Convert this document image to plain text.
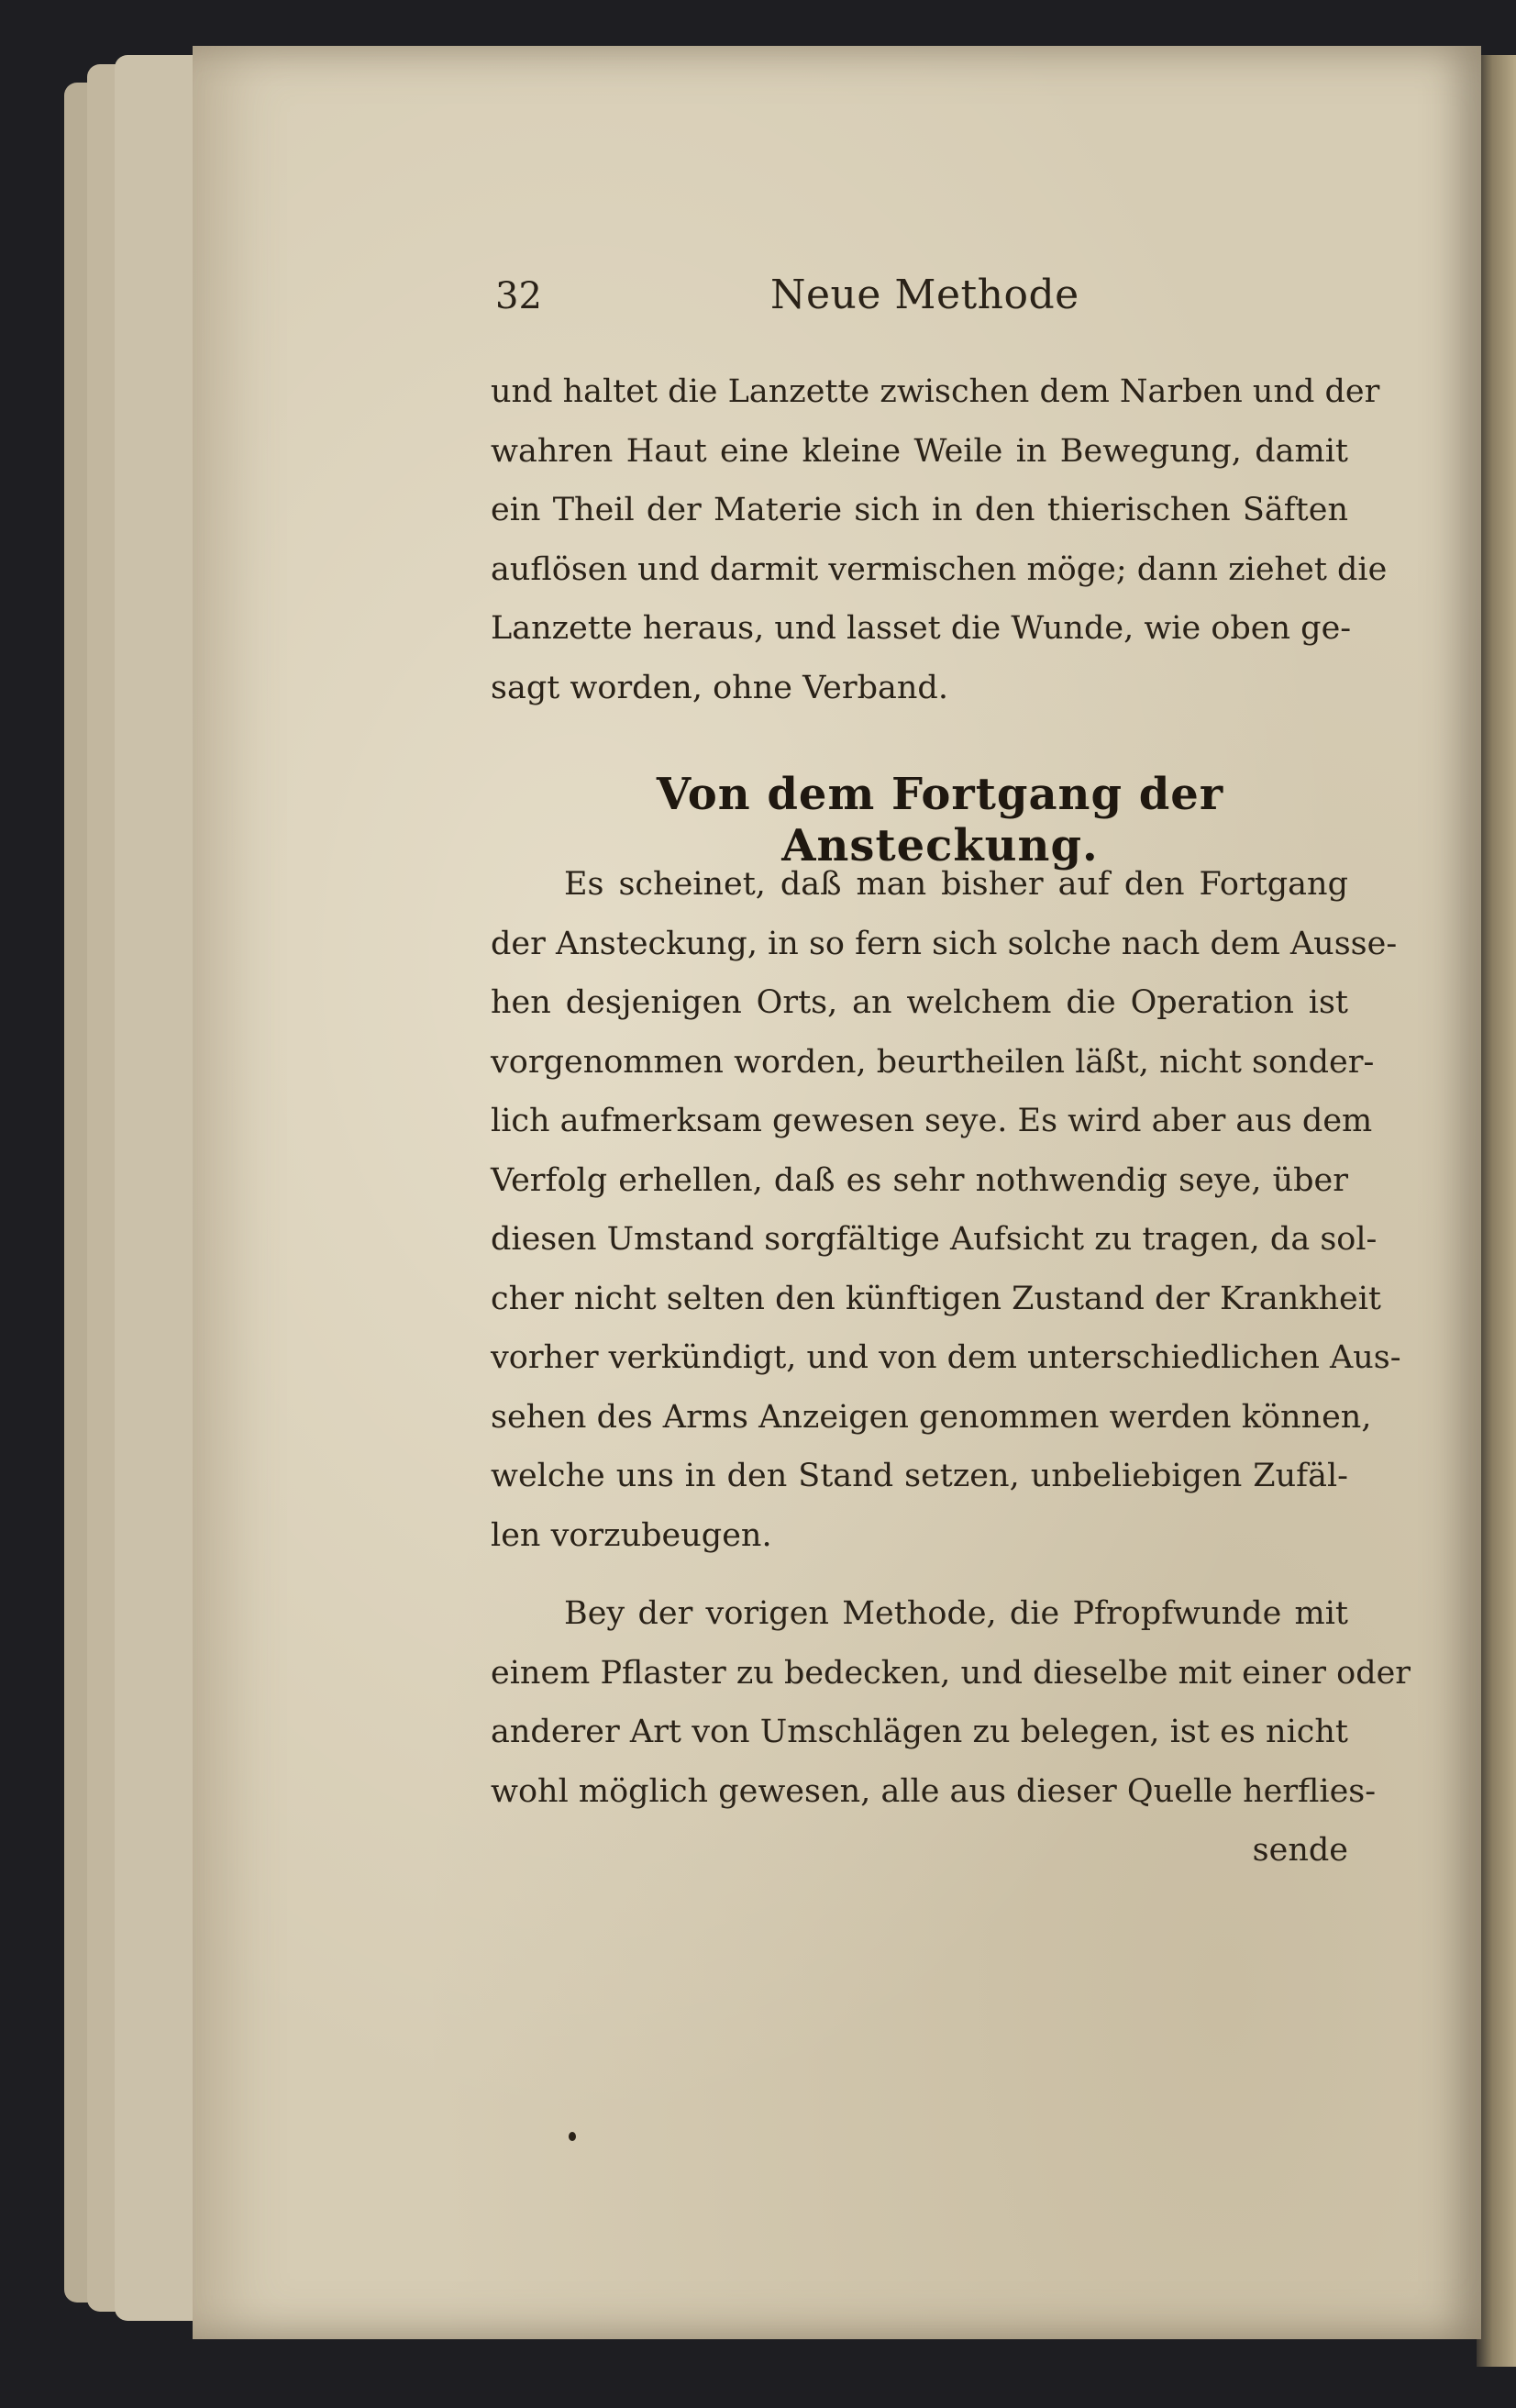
32	Neue Methode
und haltet die Lanzette zwischen dem Narben und der
wahren Haut eine kleine Weile in Bewegung, damit
ein Theil der Materie sich in den thierischen Säften
auflösen und darmit vermischen möge; dann ziehet die
Lanzette heraus, und lasset die Wunde, wie oben ge-
sagt worden, ohne Verband.
Von dem Fortgang der Ansteckung.
Es scheinet, daß man bisher auf den Fortgang
der Ansteckung, in so fern sich solche nach dem Ausse-
hen desjenigen Orts, an welchem die Operation ist
vorgenommen worden, beurtheilen läßt, nicht sonder-
lich aufmerksam gewesen seye. Es wird aber aus dem
Verfolg erhellen, daß es sehr nothwendig seye, über
diesen Umstand sorgfältige Aufsicht zu tragen, da sol-
cher nicht selten den künftigen Zustand der Krankheit
vorher verkündigt, und von dem unterschiedlichen Aus-
sehen des Arms Anzeigen genommen werden können,
welche uns in den Stand setzen, unbeliebigen Zufäl-
len vorzubeugen.
Bey der vorigen Methode, die Pfropfwunde mit
einem Pflaster zu bedecken, und dieselbe mit einer oder
anderer Art von Umschlägen zu belegen, ist es nicht
wohl möglich gewesen, alle aus dieser Quelle herflies-
sende
